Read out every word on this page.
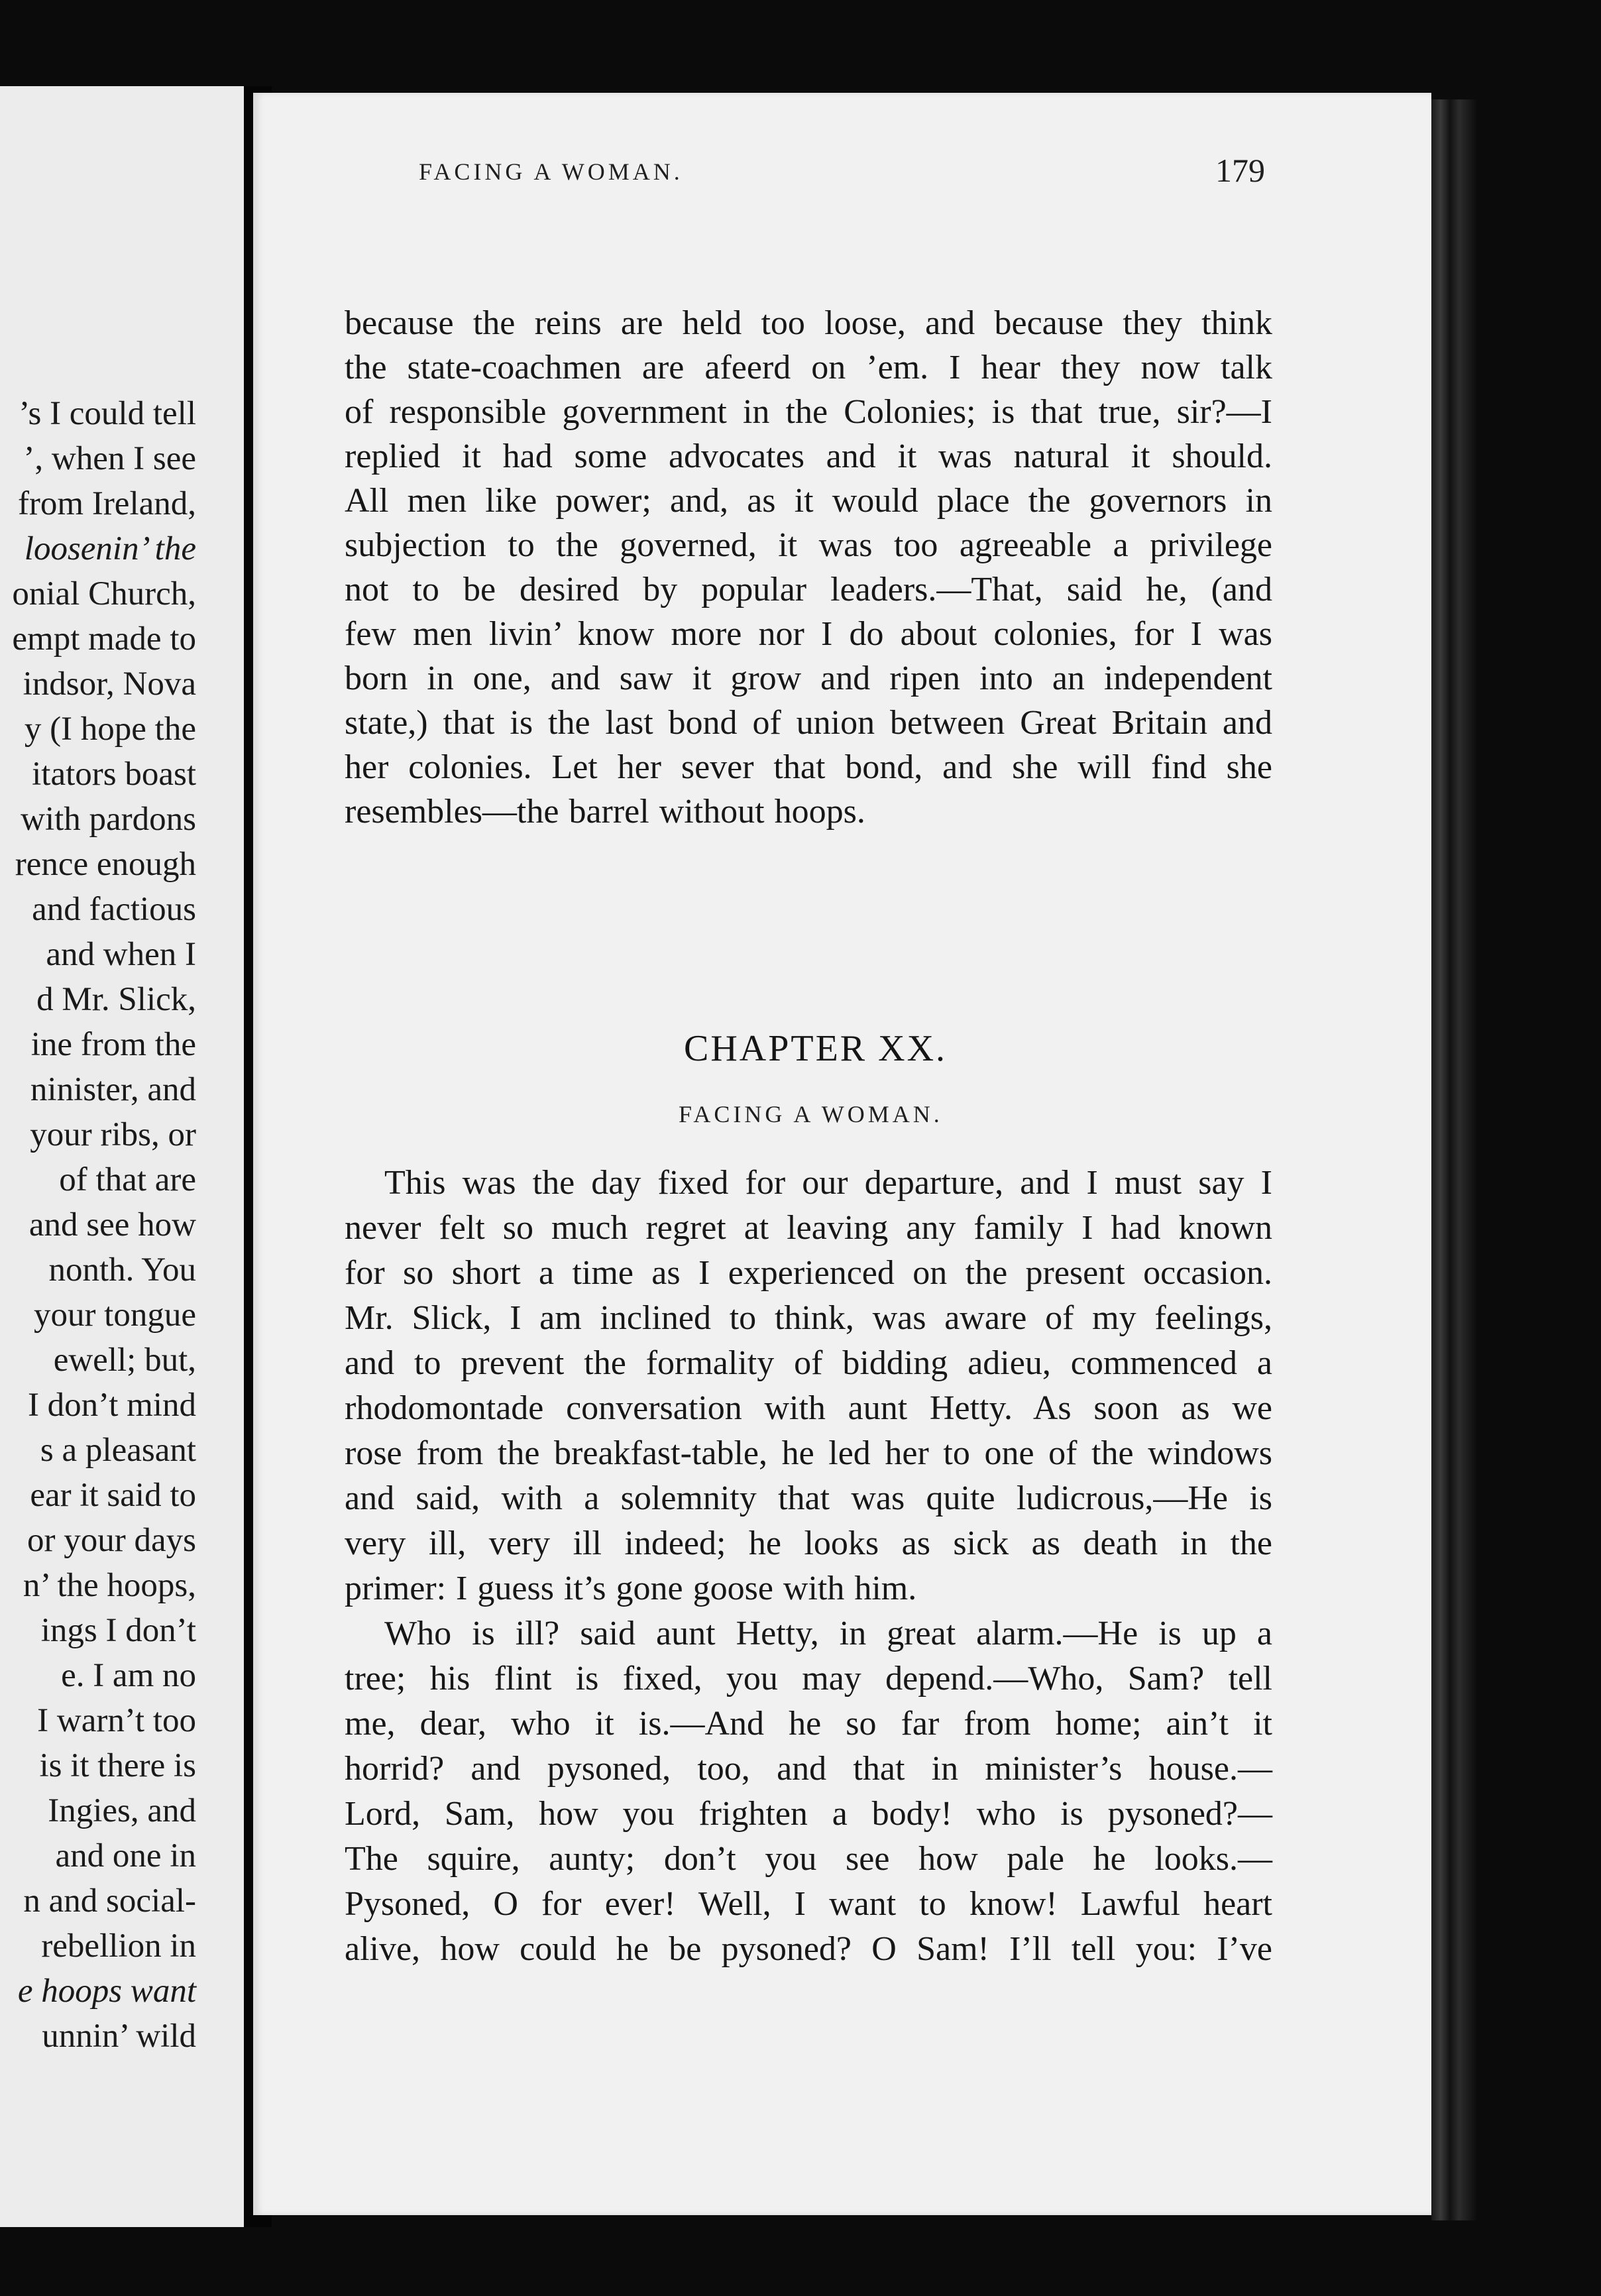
’s I could tell
’, when I see
from Ireland,
loosenin’ the
onial Church,
empt made to
indsor, Nova
y (I hope the
itators boast
with pardons
rence enough
and factious
and when I
d Mr. Slick,
ine from the
ninister, and
your ribs, or
of that are
and see how
nonth. You
your tongue
ewell; but,
I don’t mind
s a pleasant
ear it said to
or your days
n’ the hoops,
ings I don’t
e. I am no
I warn’t too
is it there is
Ingies, and
and one in
n and social-
rebellion in
e hoops want
unnin’ wild
FACING A WOMAN.	179
because the reins are held too loose, and because they think
the state-coachmen are afeerd on ’em. I hear they now talk
of responsible government in the Colonies; is that true, sir?—I
replied it had some advocates and it was natural it should.
All men like power; and, as it would place the governors in
subjection to the governed, it was too agreeable a privilege
not to be desired by popular leaders.—That, said he, (and
few men livin’ know more nor I do about colonies, for I was
born in one, and saw it grow and ripen into an independent
state,) that is the last bond of union between Great Britain and
her colonies. Let her sever that bond, and she will find she
resembles—the barrel without hoops.
CHAPTER XX.
FACING A WOMAN.
This was the day fixed for our departure, and I must say I
never felt so much regret at leaving any family I had known
for so short a time as I experienced on the present occasion.
Mr. Slick, I am inclined to think, was aware of my feelings,
and to prevent the formality of bidding adieu, commenced a
rhodomontade conversation with aunt Hetty. As soon as we
rose from the breakfast-table, he led her to one of the windows
and said, with a solemnity that was quite ludicrous,—He is
very ill, very ill indeed; he looks as sick as death in the
primer: I guess it’s gone goose with him.
Who is ill? said aunt Hetty, in great alarm.—He is up a
tree; his flint is fixed, you may depend.—Who, Sam? tell
me, dear, who it is.—And he so far from home; ain’t it
horrid? and pysoned, too, and that in minister’s house.—
Lord, Sam, how you frighten a body! who is pysoned?—
The squire, aunty; don’t you see how pale he looks.—
Pysoned, O for ever! Well, I want to know! Lawful heart
alive, how could he be pysoned? O Sam! I’ll tell you: I’ve
